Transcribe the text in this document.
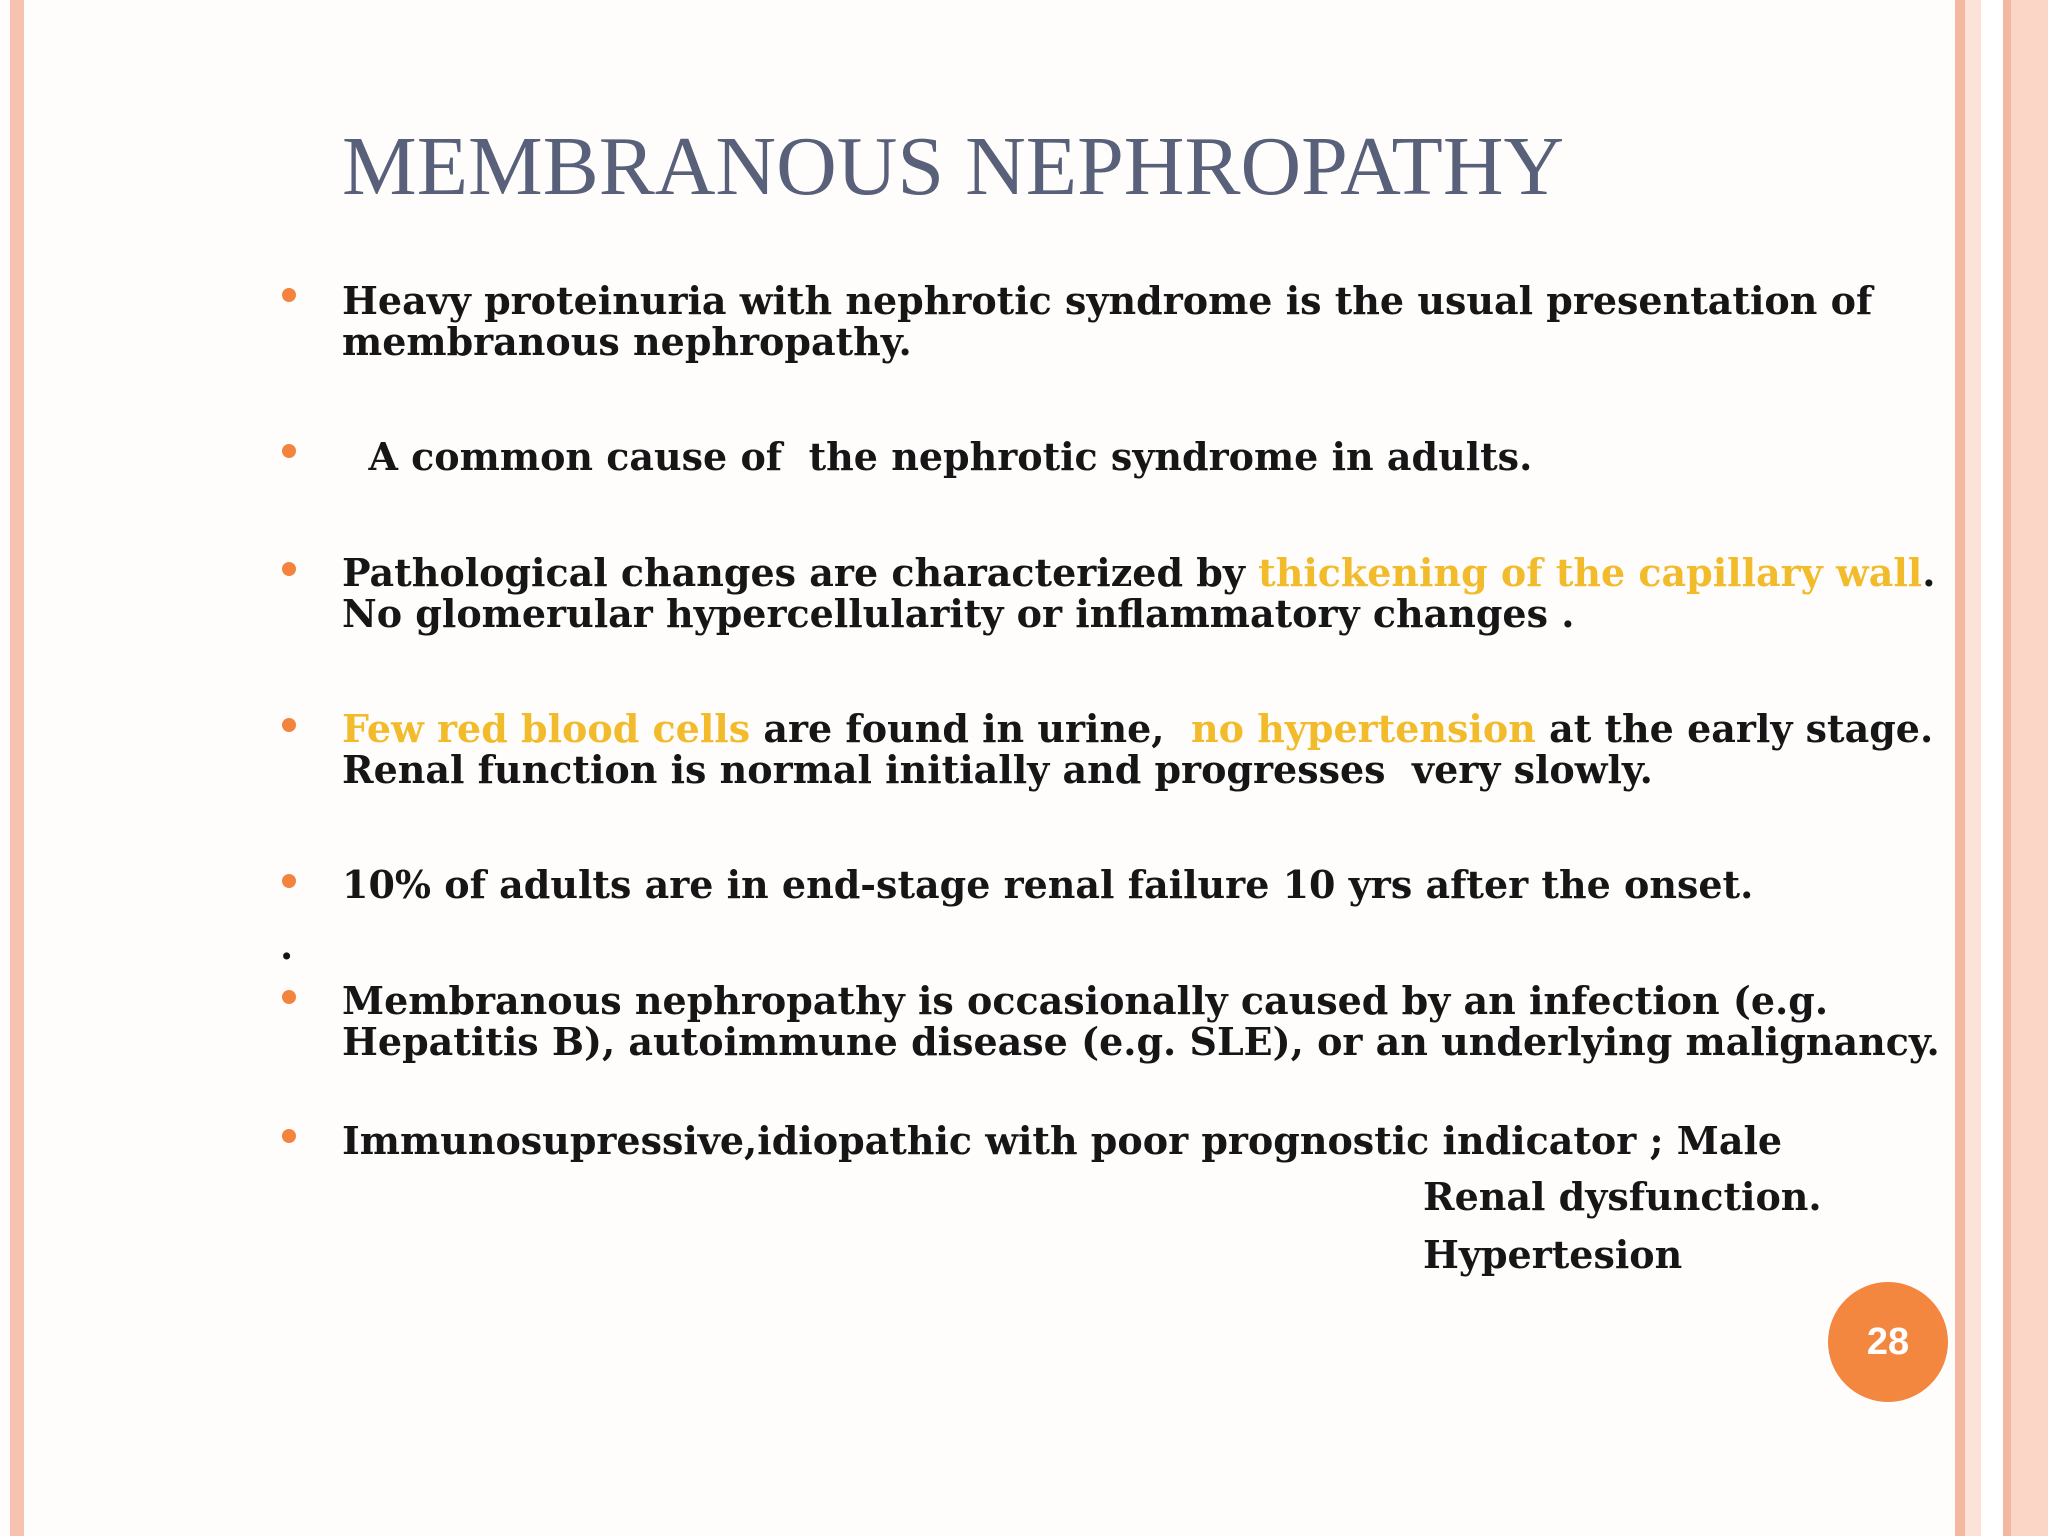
MEMBRANOUS NEPHROPATHY
Heavy proteinuria with nephrotic syndrome is the usual presentation of membranous nephropathy.
A common cause of  the nephrotic syndrome in adults.
Pathological changes are characterized by thickening of the capillary wall. No glomerular hypercellularity or inflammatory changes .
Few red blood cells are found in urine,  no hypertension at the early stage. Renal function is normal initially and progresses  very slowly.
10% of adults are in end-stage renal failure 10 yrs after the onset.
.
Membranous nephropathy is occasionally caused by an infection (e.g. Hepatitis B), autoimmune disease (e.g. SLE), or an underlying malignancy.
Immunosupressive,idiopathic with poor prognostic indicator ; Male
Renal dysfunction.
Hypertesion
28
